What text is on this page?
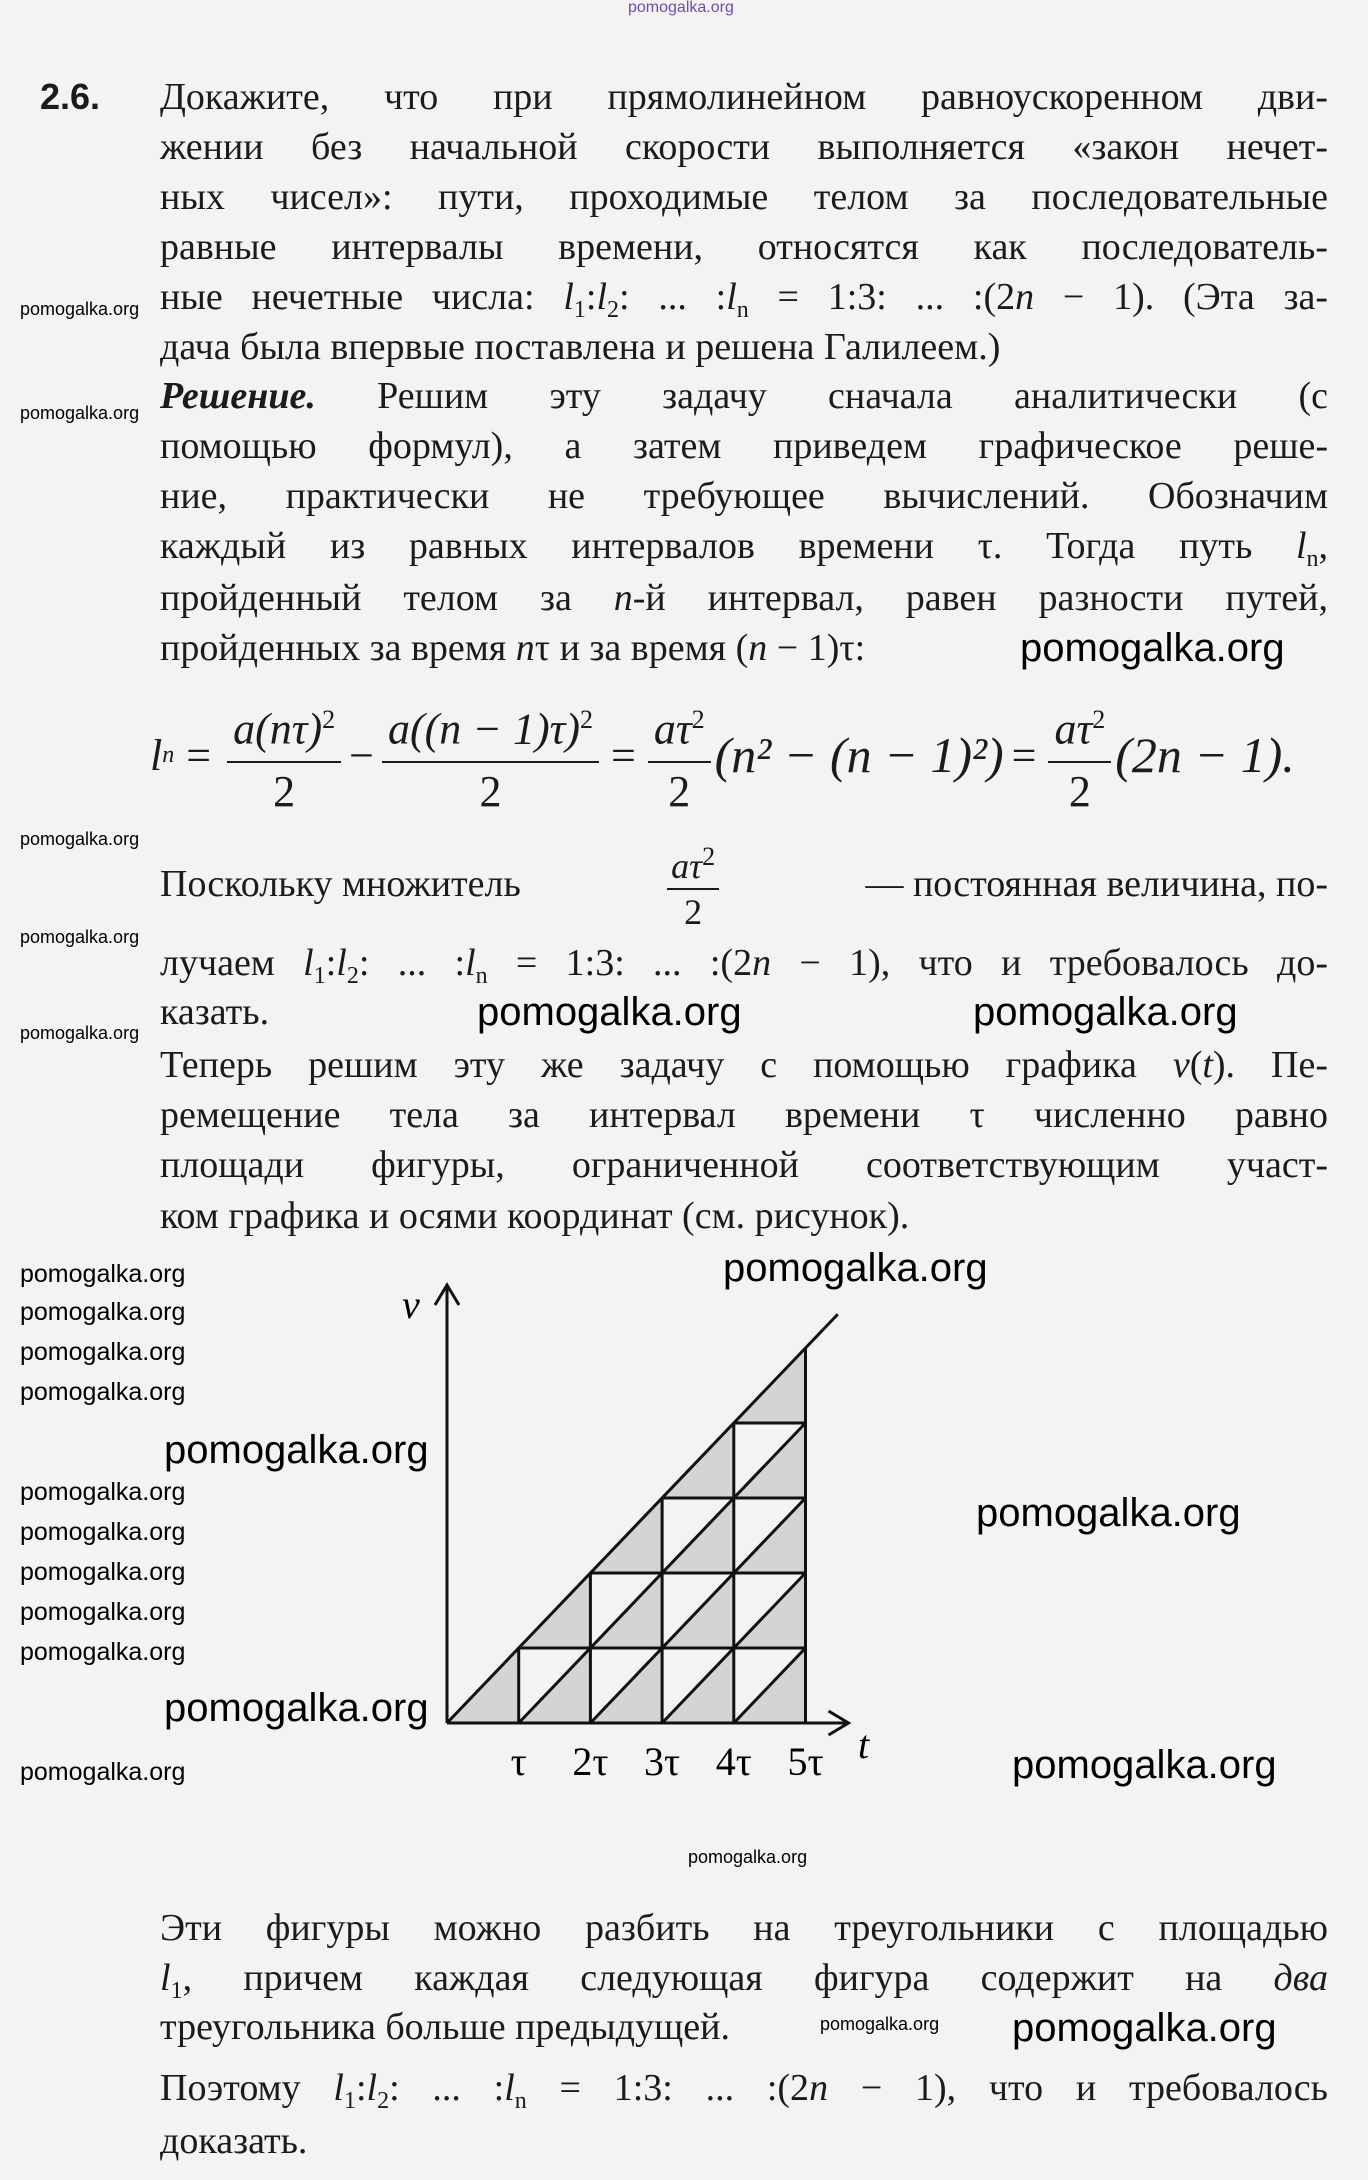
pomogalka.org
2.6. Докажите, что при прямолинейном равноускоренном дви-
жении без начальной скорости выполняется «закон нечет-
ных чисел»: пути, проходимые телом за последовательные
равные интервалы времени, относятся как последователь-
ные нечетные числа: $l_1:l_2$: ... $:l_n$ = 1:3: ... :(2n − 1). (Эта за-
дача была впервые поставлена и решена Галилеем.)
Решение. Решим эту задачу сначала аналитически (с
помощью формул), а затем приведем графическое реше-
ние, практически не требующее вычислений. Обозначим
каждый из равных интервалов времени τ. Тогда путь $l_n$,
пройденный телом за n-й интервал, равен разности путей,
пройденных за время nτ и за время (n − 1)τ:
l $n = \frac{a(n\tau)^2}{2} - \frac{a((n - 1)\tau)^2}{2} = \frac{a\tau^2}{2} (n^2 - (n - 1)^2) = \frac{a\tau^2}{2} (2n - 1)$.
Поскольку множитель	$a\tau^2$
2
— постоянная величина, по-
лучаем $l_1:l_2$: ... $:l_n$ = 1:3: ... :(2n − 1), что и требовалось до-
казать.
Теперь решим эту же задачу с помощью графика v(t). Пе-
ремещение тела за интервал времени τ численно равно
площади фигуры, ограниченной соответствующим участ-
ком графика и осями координат (см. рисунок).
v
t
τ 2τ 3τ 4τ 5τ
Эти фигуры можно разбить на треугольники с площадью
$l_1$, причем каждая следующая фигура содержит на два
треугольника больше предыдущей.
Поэтому $l_1:l_2$: ... $:l_n$ = 1:3: ... :(2n − 1), что и требовалось
доказать.
pomogalka.org
pomogalka.org
pomogalka.org
pomogalka.org
pomogalka.org
pomogalka.org
pomogalka.org
pomogalka.org
pomogalka.org
pomogalka.org
pomogalka.org
pomogalka.org
pomogalka.org
pomogalka.org
pomogalka.org	pomogalka.org
pomogalka.org	pomogalka.org
pomogalka.org
pomogalka.org
pomogalka.org
pomogalka.org
pomogalka.org
pomogalka.org
pomogalka.org
pomogalka.org
